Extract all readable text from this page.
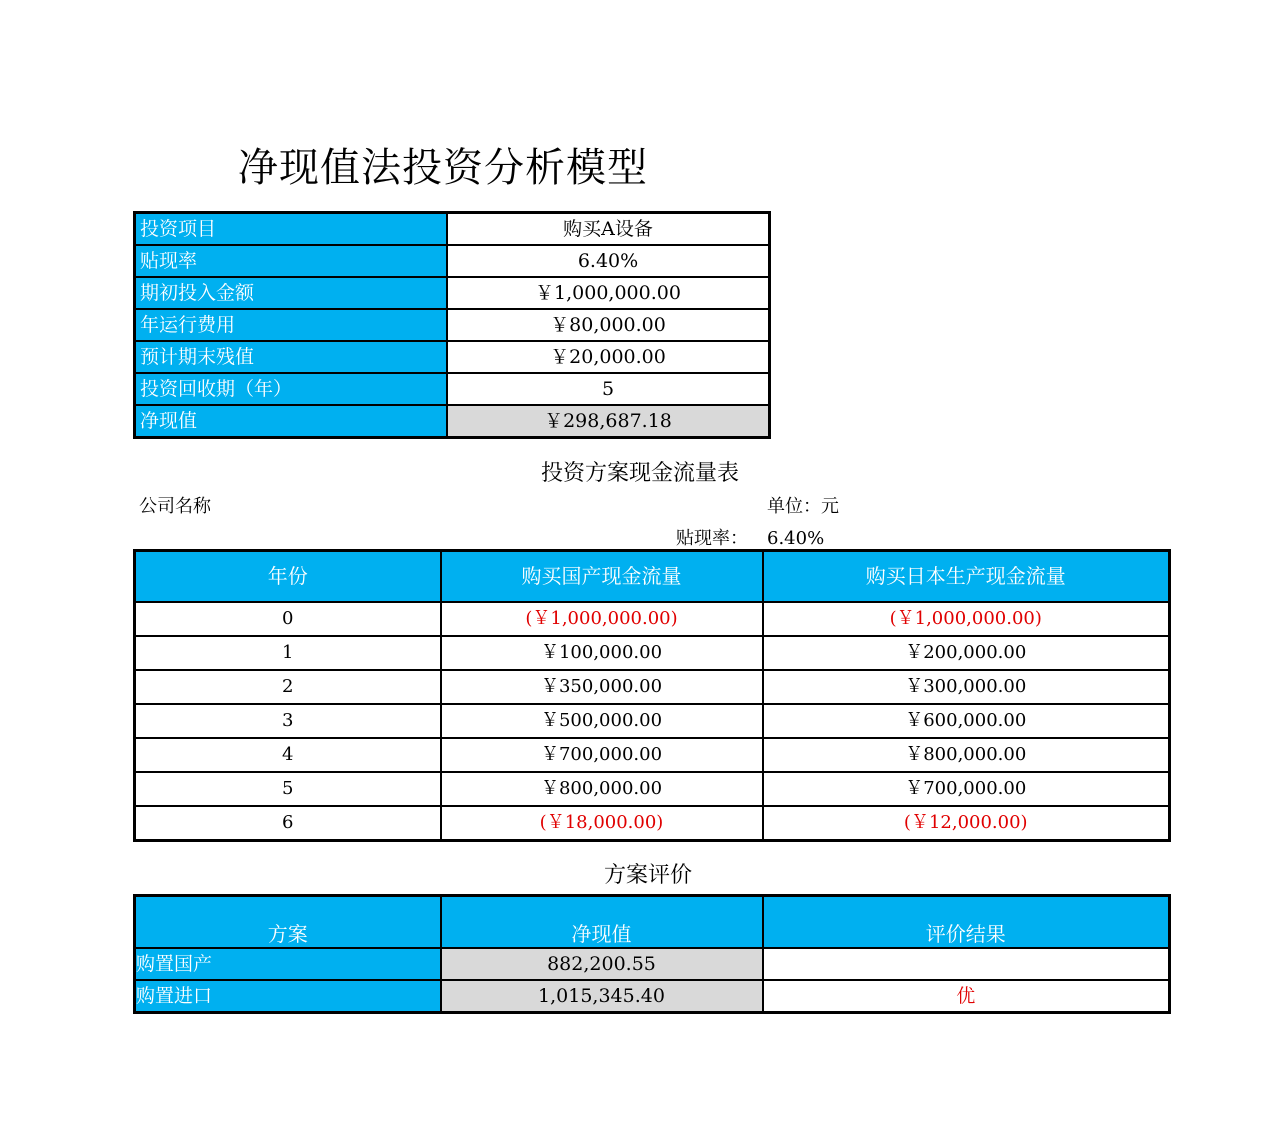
净现值法投资分析模型
投资项目	购买A设备
贴现率	6.40%
期初投入金额	￥1,000,000.00
年运行费用	￥80,000.00
预计期末残值	￥20,000.00
投资回收期（年）	5
净现值	￥298,687.18
投资方案现金流量表
公司名称	单位：元
贴现率： 6.40%
年份	购买国产现金流量	购买日本生产现金流量
0	(￥1,000,000.00)	(￥1,000,000.00)
1	￥100,000.00	￥200,000.00
2	￥350,000.00	￥300,000.00
3	￥500,000.00	￥600,000.00
4	￥700,000.00	￥800,000.00
5	￥800,000.00	￥700,000.00
6	(￥18,000.00)	(￥12,000.00)
方案评价
方案	净现值	评价结果
购置国产	882,200.55	
购置进口	1,015,345.40	优
